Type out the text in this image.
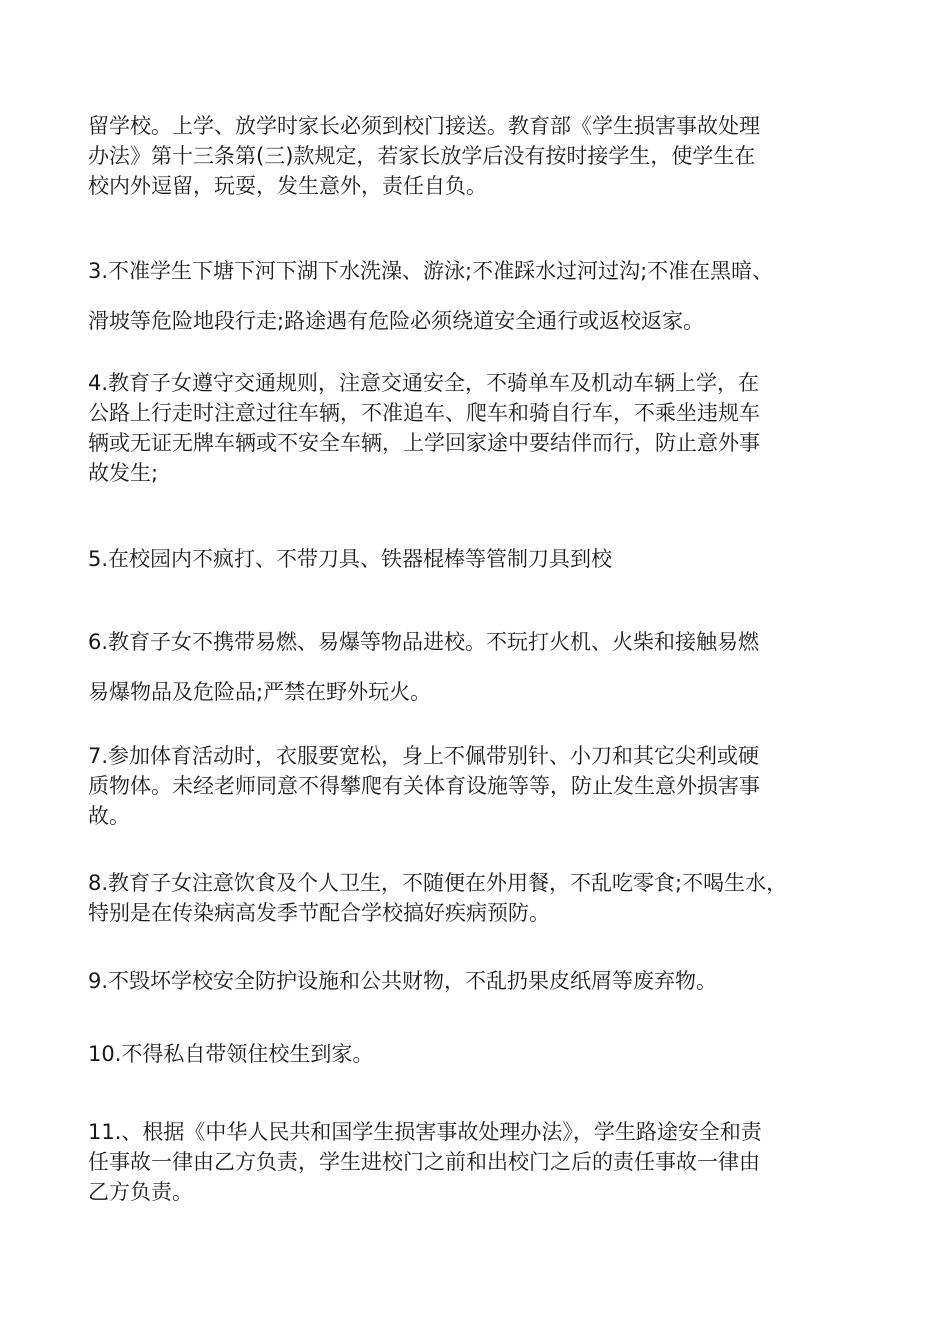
留学校。上学、放学时家长必须到校门接送。教育部《学生损害事故处理
办法》第十三条第(三)款规定，若家长放学后没有按时接学生，使学生在
校内外逗留，玩耍，发生意外，责任自负。

3.不准学生下塘下河下湖下水洗澡、游泳;不准踩水过河过沟;不准在黑暗、
滑坡等危险地段行走;路途遇有危险必须绕道安全通行或返校返家。

4.教育子女遵守交通规则，注意交通安全，不骑单车及机动车辆上学，在
公路上行走时注意过往车辆，不准追车、爬车和骑自行车，不乘坐违规车
辆或无证无牌车辆或不安全车辆，上学回家途中要结伴而行，防止意外事
故发生;

5.在校园内不疯打、不带刀具、铁器棍棒等管制刀具到校

6.教育子女不携带易燃、易爆等物品进校。不玩打火机、火柴和接触易燃
易爆物品及危险品;严禁在野外玩火。

7.参加体育活动时，衣服要宽松，身上不佩带别针、小刀和其它尖利或硬
质物体。未经老师同意不得攀爬有关体育设施等等，防止发生意外损害事
故。

8.教育子女注意饮食及个人卫生，不随便在外用餐，不乱吃零食;不喝生水，
特别是在传染病高发季节配合学校搞好疾病预防。

9.不毁坏学校安全防护设施和公共财物，不乱扔果皮纸屑等废弃物。

10.不得私自带领住校生到家。

11.、根据《中华人民共和国学生损害事故处理办法》，学生路途安全和责
任事故一律由乙方负责，学生进校门之前和出校门之后的责任事故一律由
乙方负责。
